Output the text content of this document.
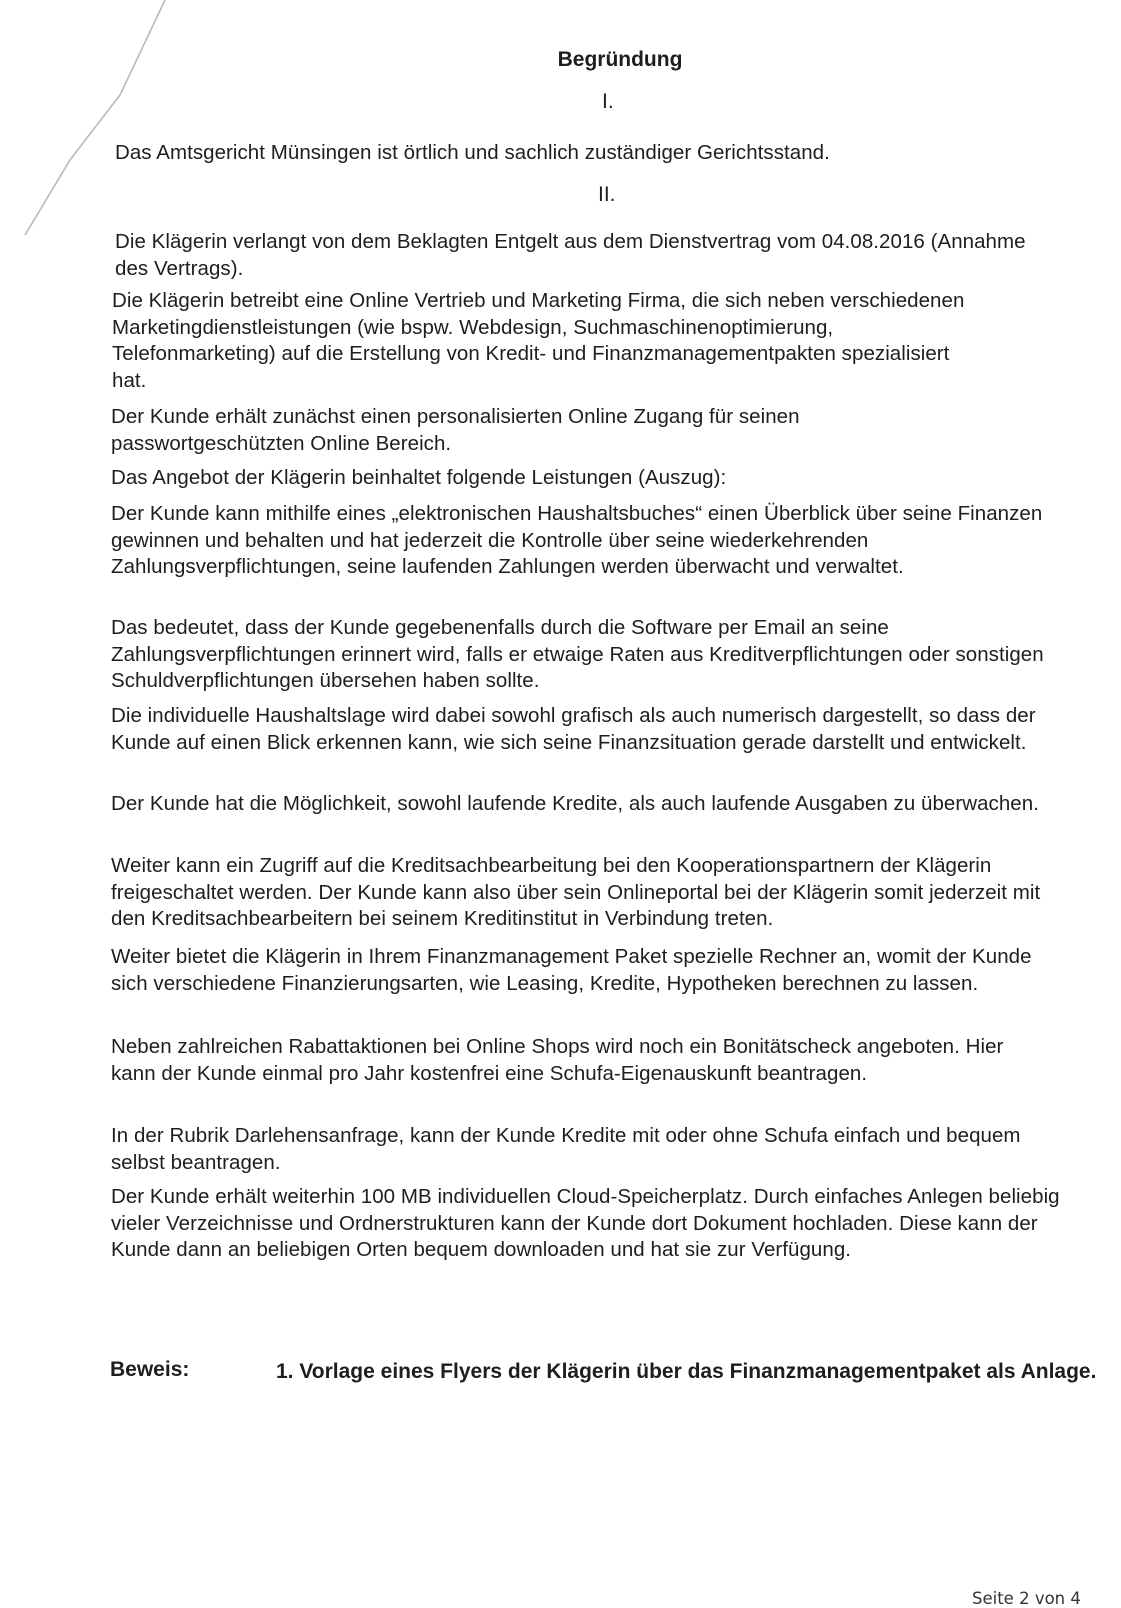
Begründung
I.

Das Amtsgericht Münsingen ist örtlich und sachlich zuständiger Gerichtsstand.

II.

Die Klägerin verlangt von dem Beklagten Entgelt aus dem Dienstvertrag vom 04.08.2016 (Annahme des Vertrags).

Die Klägerin betreibt eine Online Vertrieb und Marketing Firma, die sich neben verschiedenen Marketingdienstleistungen (wie bspw. Webdesign, Suchmaschinenoptimierung, Telefonmarketing) auf die Erstellung von Kredit- und Finanzmanagementpakten spezialisiert hat.

Der Kunde erhält zunächst einen personalisierten Online Zugang für seinen passwortgeschützten Online Bereich.

Das Angebot der Klägerin beinhaltet folgende Leistungen (Auszug):

Der Kunde kann mithilfe eines „elektronischen Haushaltsbuches“ einen Überblick über seine Finanzen gewinnen und behalten und hat jederzeit die Kontrolle über seine wiederkehrenden Zahlungsverpflichtungen, seine laufenden Zahlungen werden überwacht und verwaltet.

Das bedeutet, dass der Kunde gegebenenfalls durch die Software per Email an seine Zahlungsverpflichtungen erinnert wird, falls er etwaige Raten aus Kreditverpflichtungen oder sonstigen Schuldverpflichtungen übersehen haben sollte.

Die individuelle Haushaltslage wird dabei sowohl grafisch als auch numerisch dargestellt, so dass der Kunde auf einen Blick erkennen kann, wie sich seine Finanzsituation gerade darstellt und entwickelt.

Der Kunde hat die Möglichkeit, sowohl laufende Kredite, als auch laufende Ausgaben zu überwachen.

Weiter kann ein Zugriff auf die Kreditsachbearbeitung bei den Kooperationspartnern der Klägerin freigeschaltet werden. Der Kunde kann also über sein Onlineportal bei der Klägerin somit jederzeit mit den Kreditsachbearbeitern bei seinem Kreditinstitut in Verbindung treten.

Weiter bietet die Klägerin in Ihrem Finanzmanagement Paket spezielle Rechner an, womit der Kunde sich verschiedene Finanzierungsarten, wie Leasing, Kredite, Hypotheken berechnen zu lassen.

Neben zahlreichen Rabattaktionen bei Online Shops wird noch ein Bonitätscheck angeboten. Hier kann der Kunde einmal pro Jahr kostenfrei eine Schufa-Eigenauskunft beantragen.

In der Rubrik Darlehensanfrage, kann der Kunde Kredite mit oder ohne Schufa einfach und bequem selbst beantragen.

Der Kunde erhält weiterhin 100 MB individuellen Cloud-Speicherplatz. Durch einfaches Anlegen beliebig vieler Verzeichnisse und Ordnerstrukturen kann der Kunde dort Dokument hochladen. Diese kann der Kunde dann an beliebigen Orten bequem downloaden und hat sie zur Verfügung.

Beweis:	1. Vorlage eines Flyers der Klägerin über das Finanzmanagementpaket als Anlage.
Seite 2 von 4
